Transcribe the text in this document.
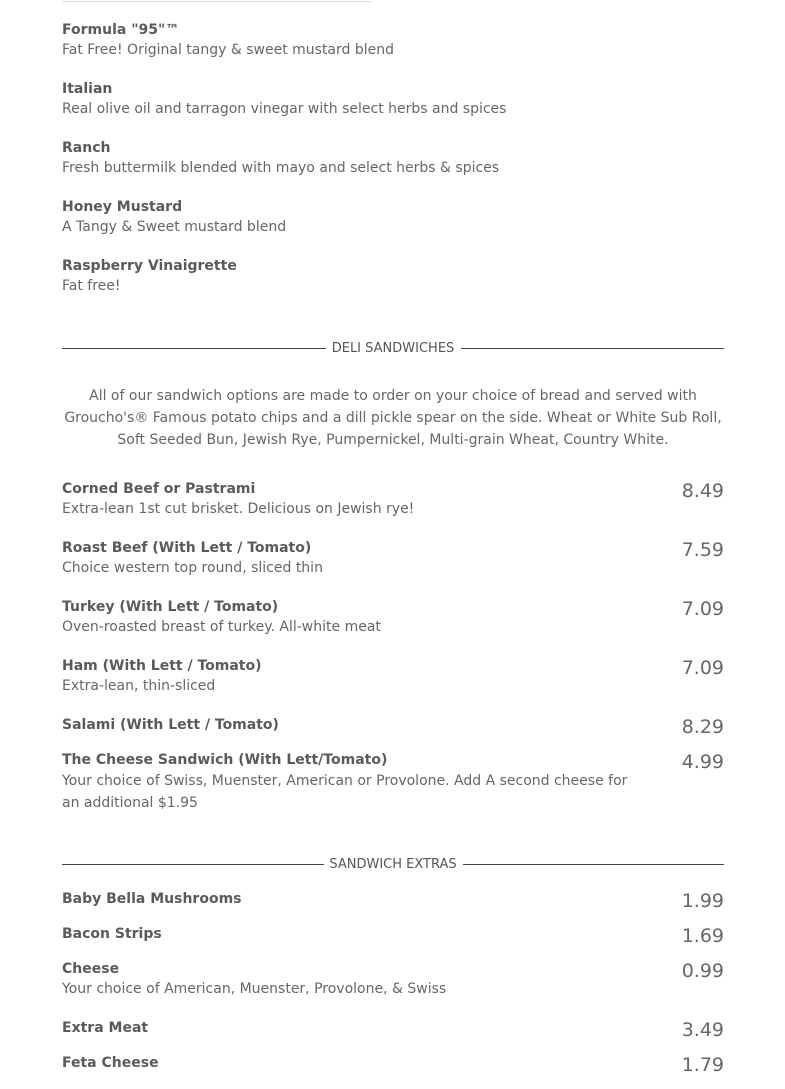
Formula "95"™
Fat Free! Original tangy & sweet mustard blend
Italian
Real olive oil and tarragon vinegar with select herbs and spices
Ranch
Fresh buttermilk blended with mayo and select herbs & spices
Honey Mustard
A Tangy & Sweet mustard blend
Raspberry Vinaigrette
Fat free!
DELI SANDWICHES
All of our sandwich options are made to order on your choice of bread and served with Groucho's® Famous potato chips and a dill pickle spear on the side. Wheat or White Sub Roll, Soft Seeded Bun, Jewish Rye, Pumpernickel, Multi-grain Wheat, Country White.
Corned Beef or Pastrami
Extra-lean 1st cut brisket. Delicious on Jewish rye!
8.49
Roast Beef (With Lett / Tomato)
Choice western top round, sliced thin
7.59
Turkey (With Lett / Tomato)
Oven-roasted breast of turkey. All-white meat
7.09
Ham (With Lett / Tomato)
Extra-lean, thin-sliced
7.09
Salami (With Lett / Tomato)	8.29
The Cheese Sandwich (With Lett/Tomato)
Your choice of Swiss, Muenster, American or Provolone. Add A second cheese for an additional $1.95
4.99
SANDWICH EXTRAS
Baby Bella Mushrooms	1.99
Bacon Strips	1.69
Cheese
Your choice of American, Muenster, Provolone, & Swiss
0.99
Extra Meat	3.49
Feta Cheese	1.79
